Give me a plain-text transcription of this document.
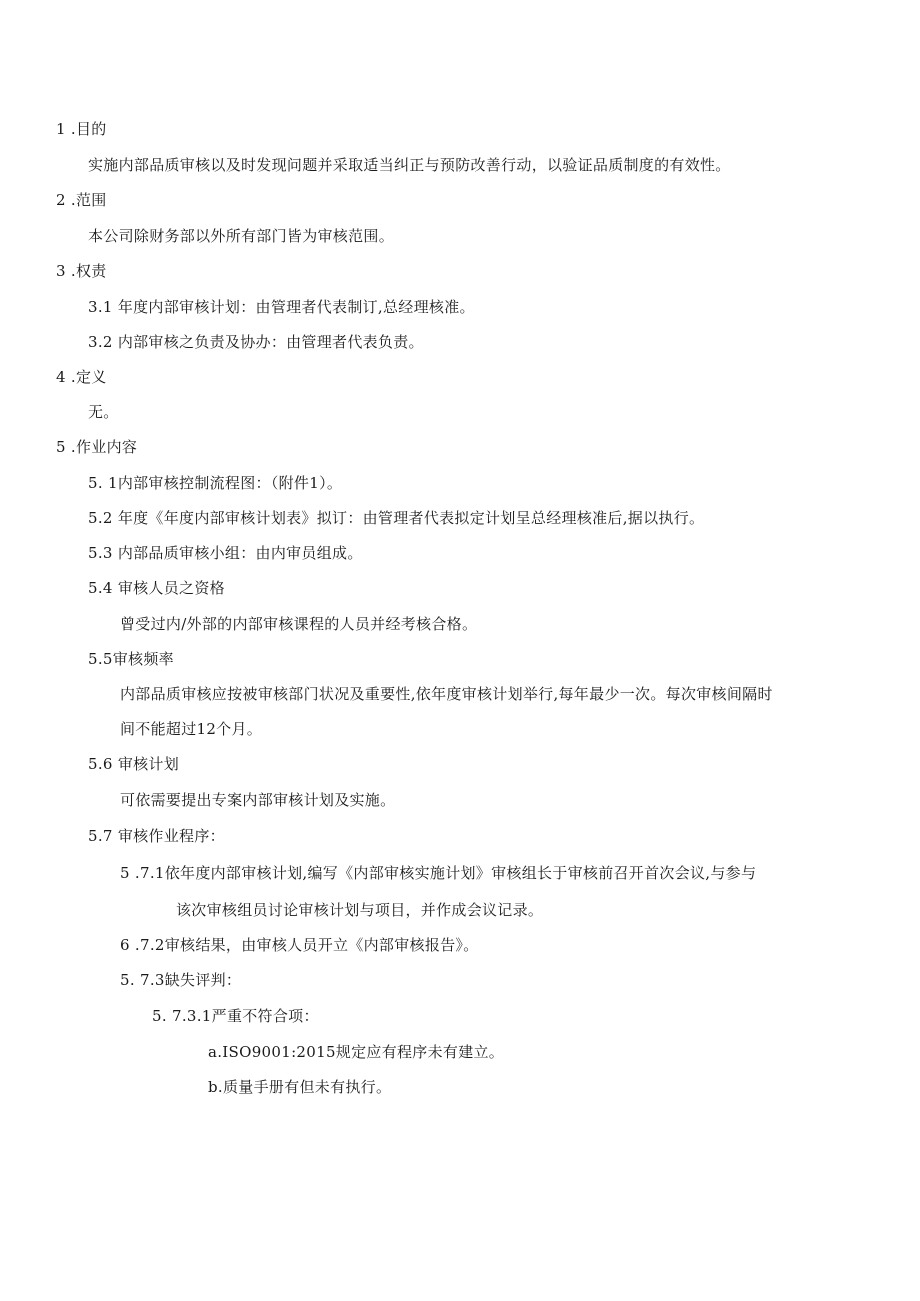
1 .目的
实施内部品质审核以及时发现问题并采取适当纠正与预防改善行动，以验证品质制度的有效性。
2 .范围
本公司除财务部以外所有部门皆为审核范围。
3 .权责
3.1 年度内部审核计划：由管理者代表制订,总经理核准。
3.2 内部审核之负责及协办：由管理者代表负责。
4 .定义
无。
5 .作业内容
5. 1内部审核控制流程图：（附件1）。
5.2 年度《年度内部审核计划表》拟订：由管理者代表拟定计划呈总经理核准后,据以执行。
5.3 内部品质审核小组：由内审员组成。
5.4 审核人员之资格
曾受过内/外部的内部审核课程的人员并经考核合格。
5.5审核频率
内部品质审核应按被审核部门状况及重要性,依年度审核计划举行,每年最少一次。每次审核间隔时
间不能超过12个月。
5.6 审核计划
可依需要提出专案内部审核计划及实施。
5.7 审核作业程序：
5 .7.1依年度内部审核计划,编写《内部审核实施计划》审核组长于审核前召开首次会议,与参与
该次审核组员讨论审核计划与项目，并作成会议记录。
6 .7.2审核结果，由审核人员开立《内部审核报告》。
5. 7.3缺失评判：
5. 7.3.1严重不符合项：
a.ISO9001:2015规定应有程序未有建立。
b.质量手册有但未有执行。
